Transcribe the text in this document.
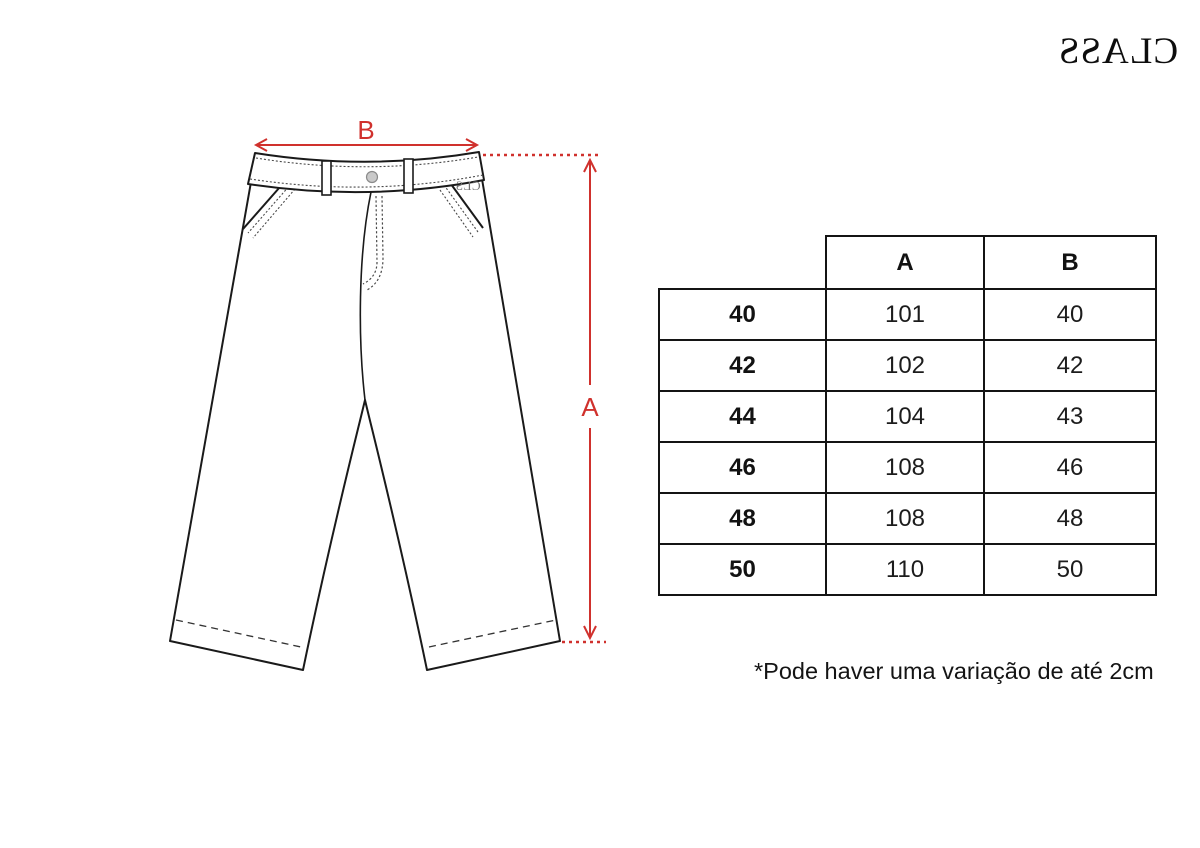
CLASS
CLS
B
A
	A	B
40	101	40
42	102	42
44	104	43
46	108	46
48	108	48
50	110	50
*Pode haver uma variação de até 2cm
